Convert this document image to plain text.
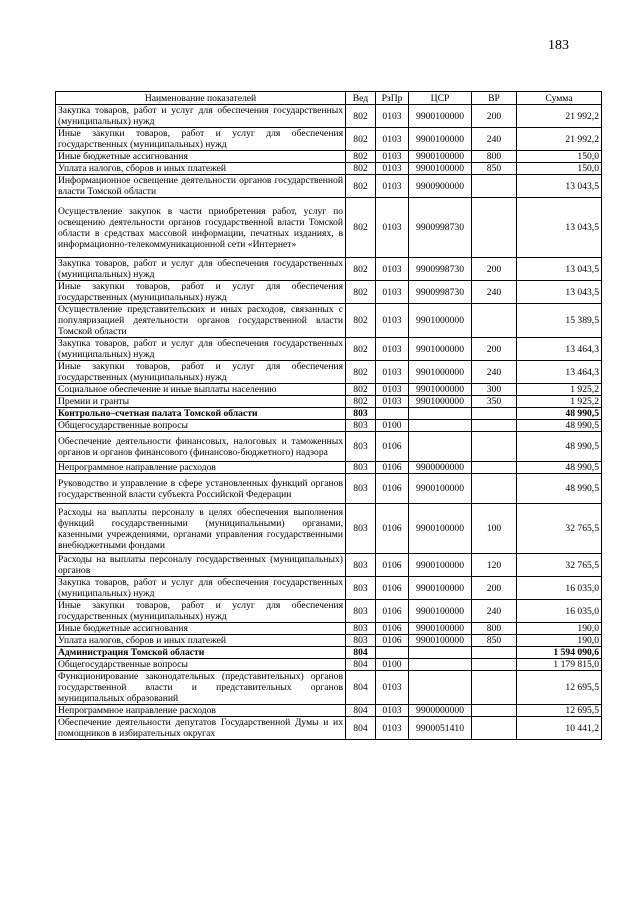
183
Наименование показателей	Вед	РзПр	ЦСР	ВР	Сумма
Закупка товаров, работ и услуг для обеспечения государственных (муниципальных) нужд	802	0103	9900100000	200	21 992,2
Иные закупки товаров, работ и услуг для обеспечения государственных (муниципальных) нужд	802	0103	9900100000	240	21 992,2
Иные бюджетные ассигнования	802	0103	9900100000	800	150,0
Уплата налогов, сборов и иных платежей	802	0103	9900100000	850	150,0
Информационное освещение деятельности органов государственной власти Томской области	802	0103	9900900000		13 043,5
Осуществление закупок в части приобретения работ, услуг по освещению деятельности органов государственной власти Томской области в средствах массовой информации, печатных изданиях, в информационно-телекоммуникационной сети «Интернет»	802	0103	9900998730		13 043,5
Закупка товаров, работ и услуг для обеспечения государственных (муниципальных) нужд	802	0103	9900998730	200	13 043,5
Иные закупки товаров, работ и услуг для обеспечения государственных (муниципальных) нужд	802	0103	9900998730	240	13 043,5
Осуществление представительских и иных расходов, связанных с популяризацией деятельности органов государственной власти Томской области	802	0103	9901000000		15 389,5
Закупка товаров, работ и услуг для обеспечения государственных (муниципальных) нужд	802	0103	9901000000	200	13 464,3
Иные закупки товаров, работ и услуг для обеспечения государственных (муниципальных) нужд	802	0103	9901000000	240	13 464,3
Социальное обеспечение и иные выплаты населению	802	0103	9901000000	300	1 925,2
Премии и гранты	802	0103	9901000000	350	1 925,2
Контрольно–счетная палата Томской области	803				48 990,5
Общегосударственные вопросы	803	0100			48 990,5
Обеспечение деятельности финансовых, налоговых и таможенных органов и органов финансового (финансово-бюджетного) надзора	803	0106			48 990,5
Непрограммное направление расходов	803	0106	9900000000		48 990,5
Руководство и управление в сфере установленных функций органов государственной власти субъекта Российской Федерации	803	0106	9900100000		48 990,5
Расходы на выплаты персоналу в целях обеспечения выполнения функций государственными (муниципальными) органами, казенными учреждениями, органами управления государственными внебюджетными фондами	803	0106	9900100000	100	32 765,5
Расходы на выплаты персоналу государственных (муниципальных) органов	803	0106	9900100000	120	32 765,5
Закупка товаров, работ и услуг для обеспечения государственных (муниципальных) нужд	803	0106	9900100000	200	16 035,0
Иные закупки товаров, работ и услуг для обеспечения государственных (муниципальных) нужд	803	0106	9900100000	240	16 035,0
Иные бюджетные ассигнования	803	0106	9900100000	800	190,0
Уплата налогов, сборов и иных платежей	803	0106	9900100000	850	190,0
Администрация Томской области	804				1 594 090,6
Общегосударственные вопросы	804	0100			1 179 815,0
Функционирование законодательных (представительных) органов государственной власти и представительных органов муниципальных образований	804	0103			12 695,5
Непрограммное направление расходов	804	0103	9900000000		12 695,5
Обеспечение деятельности депутатов Государственной Думы и их помощников в избирательных округах	804	0103	9900051410		10 441,2
